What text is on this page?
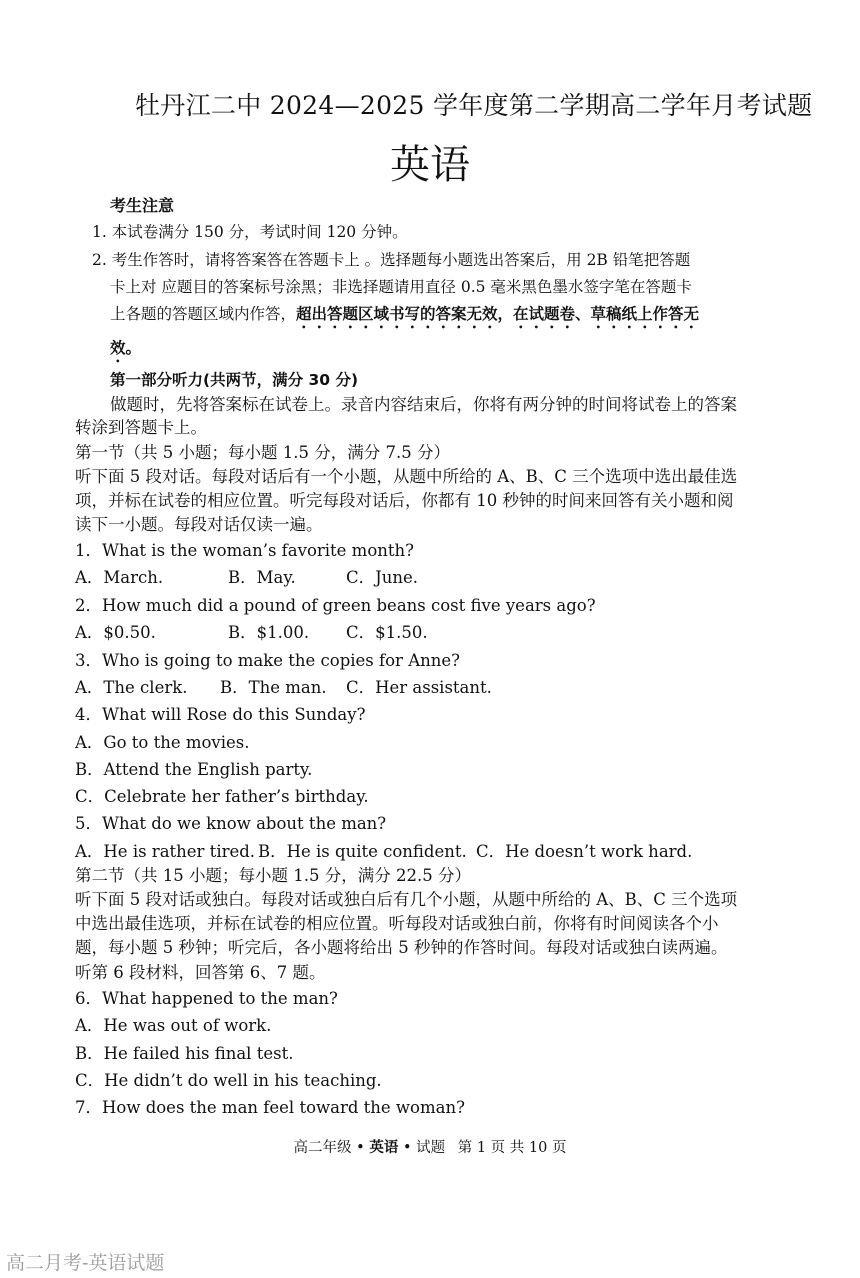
牡丹江二中 2024—2025 学年度第二学期高二学年月考试题
英语
考生注意
1. 本试卷满分 150 分，考试时间 120 分钟。
2. 考生作答时，请将答案答在答题卡上 。选择题每小题选出答案后，用 2B 铅笔把答题
卡上对 应题目的答案标号涂黑；非选择题请用直径 0.5 毫米黑色墨水签字笔在答题卡
上各题的答题区域内作答，超出答题区域书写的答案无效，在试题卷、草稿纸上作答无
效。
第一部分听力(共两节，满分 30 分)
做题时，先将答案标在试卷上。录音内容结束后，你将有两分钟的时间将试卷上的答案
转涂到答题卡上。
第一节（共 5 小题；每小题 1.5 分，满分 7.5 分）
听下面 5 段对话。每段对话后有一个小题，从题中所给的 A、B、C 三个选项中选出最佳选
项，并标在试卷的相应位置。听完每段对话后，你都有 10 秒钟的时间来回答有关小题和阅
读下一小题。每段对话仅读一遍。
1．What is the woman’s favorite month?
A．March.	B．May.	C．June.
2．How much did a pound of green beans cost five years ago?
A．$0.50.	B．$1.00. C．$1.50.
3．Who is going to make the copies for Anne?
A．The clerk. B．The man. C．Her assistant.
4．What will Rose do this Sunday?
A．Go to the movies.
B．Attend the English party.
C．Celebrate her father’s birthday.
5．What do we know about the man?
A．He is rather tired. B．He is quite confident. C．He doesn’t work hard.
第二节（共 15 小题；每小题 1.5 分，满分 22.5 分）
听下面 5 段对话或独白。每段对话或独白后有几个小题，从题中所给的 A、B、C 三个选项
中选出最佳选项，并标在试卷的相应位置。听每段对话或独白前，你将有时间阅读各个小
题，每小题 5 秒钟；听完后，各小题将给出 5 秒钟的作答时间。每段对话或独白读两遍。
听第 6 段材料，回答第 6、7 题。
6．What happened to the man?
A．He was out of work.
B．He failed his final test.
C．He didn’t do well in his teaching.
7．How does the man feel toward the woman?
高二年级 • 英语 • 试题 第 1 页 共 10 页
高二月考-英语试题
